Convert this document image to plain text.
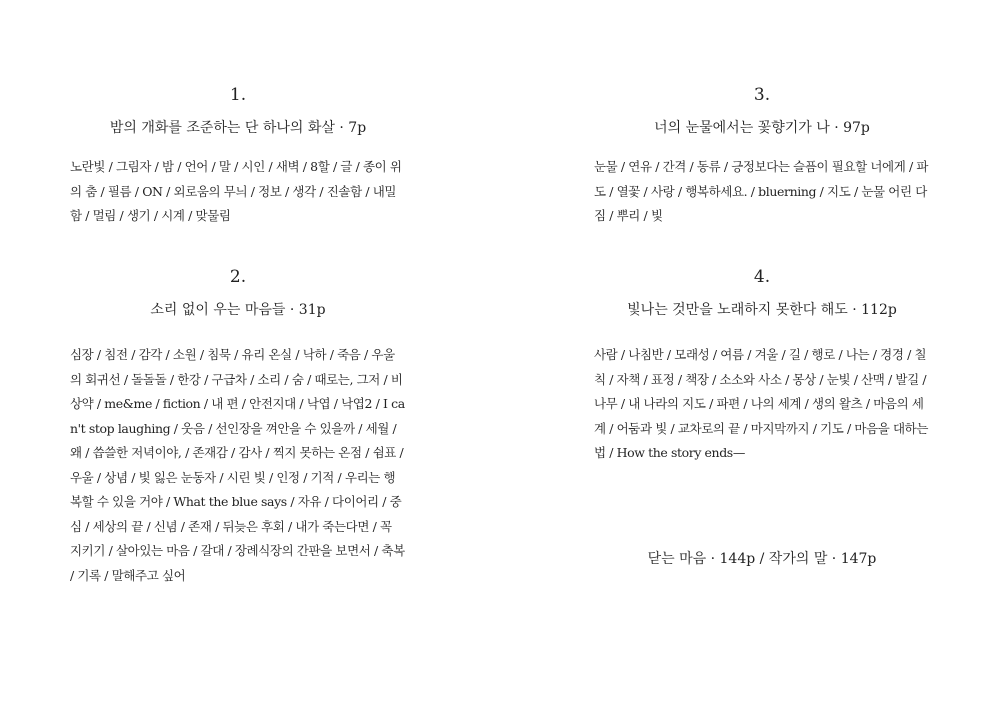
1.
밤의 개화를 조준하는 단 하나의 화살 · 7p
노란빛 / 그림자 / 밤 / 언어 / 말 / 시인 / 새벽 / 8할 / 글 / 종이 위의 춤 / 필름 / ON / 외로움의 무늬 / 정보 / 생각 / 진솔함 / 내밀함 / 멀림 / 생기 / 시계 / 맞물림
2.
소리 없이 우는 마음들 · 31p
심장 / 침전 / 감각 / 소원 / 침묵 / 유리 온실 / 낙하 / 죽음 / 우울의 회귀선 / 돌돌돌 / 한강 / 구급차 / 소리 / 숨 / 때로는, 그저 / 비상약 / me&me / fiction / 내 편 / 안전지대 / 낙엽 / 낙엽2 / I can't stop laughing / 웃음 / 선인장을 껴안을 수 있을까 / 세월 / 왜 / 씁쓸한 저녁이야, / 존재감 / 감사 / 찍지 못하는 온점 / 쉼표 / 우울 / 상념 / 빛 잃은 눈동자 / 시린 빛 / 인정 / 기적 / 우리는 행복할 수 있을 거야 / What the blue says / 자유 / 다이어리 / 중심 / 세상의 끝 / 신념 / 존재 / 뒤늦은 후회 / 내가 죽는다면 / 꼭 지키기 / 살아있는 마음 / 갈대 / 장례식장의 간판을 보면서 / 축복 / 기록 / 말해주고 싶어
3.
너의 눈물에서는 꽃향기가 나 · 97p
눈물 / 연유 / 간격 / 동류 / 긍정보다는 슬픔이 필요할 너에게 / 파도 / 열꽃 / 사랑 / 행복하세요. / bluerning / 지도 / 눈물 어린 다짐 / 뿌리 / 빛
4.
빛나는 것만을 노래하지 못한다 해도 · 112p
사람 / 나침반 / 모래성 / 여름 / 겨울 / 길 / 행로 / 나는 / 경경 / 칠칙 / 자책 / 표정 / 책장 / 소소와 사소 / 몽상 / 눈빛 / 산맥 / 발길 / 나무 / 내 나라의 지도 / 파편 / 나의 세계 / 생의 왈츠 / 마음의 세계 / 어둠과 빛 / 교차로의 끝 / 마지막까지 / 기도 / 마음을 대하는 법 / How the story ends—
닫는 마음 · 144p / 작가의 말 · 147p
